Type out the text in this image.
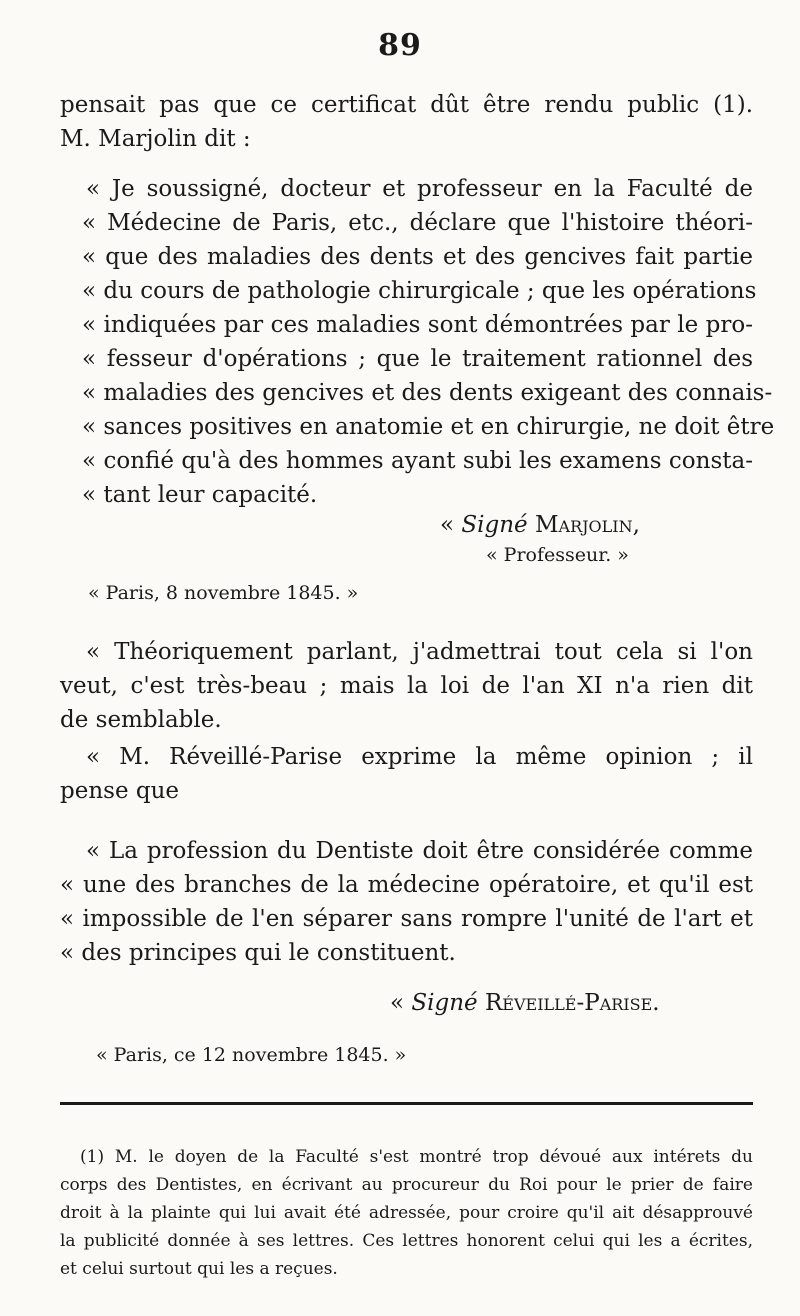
89
pensait pas que ce certificat dût être rendu public (1).
M. Marjolin dit :
« Je soussigné, docteur et professeur en la Faculté de
« Médecine de Paris, etc., déclare que l'histoire théori-
« que des maladies des dents et des gencives fait partie
« du cours de pathologie chirurgicale ; que les opérations
« indiquées par ces maladies sont démontrées par le pro-
« fesseur d'opérations ; que le traitement rationnel des
« maladies des gencives et des dents exigeant des connais-
« sances positives en anatomie et en chirurgie, ne doit être
« confié qu'à des hommes ayant subi les examens consta-
« tant leur capacité.
« Signé Marjolin,
« Professeur. »
« Paris, 8 novembre 1845. »
« Théoriquement parlant, j'admettrai tout cela si l'on
veut, c'est très-beau ; mais la loi de l'an XI n'a rien dit
de semblable.
« M. Réveillé-Parise exprime la même opinion ; il
pense que
« La profession du Dentiste doit être considérée comme
« une des branches de la médecine opératoire, et qu'il est
« impossible de l'en séparer sans rompre l'unité de l'art et
« des principes qui le constituent.
« Signé Réveillé-Parise.
« Paris, ce 12 novembre 1845. »
(1) M. le doyen de la Faculté s'est montré trop dévoué aux intérets du
corps des Dentistes, en écrivant au procureur du Roi pour le prier de faire
droit à la plainte qui lui avait été adressée, pour croire qu'il ait désapprouvé
la publicité donnée à ses lettres. Ces lettres honorent celui qui les a écrites,
et celui surtout qui les a reçues.
